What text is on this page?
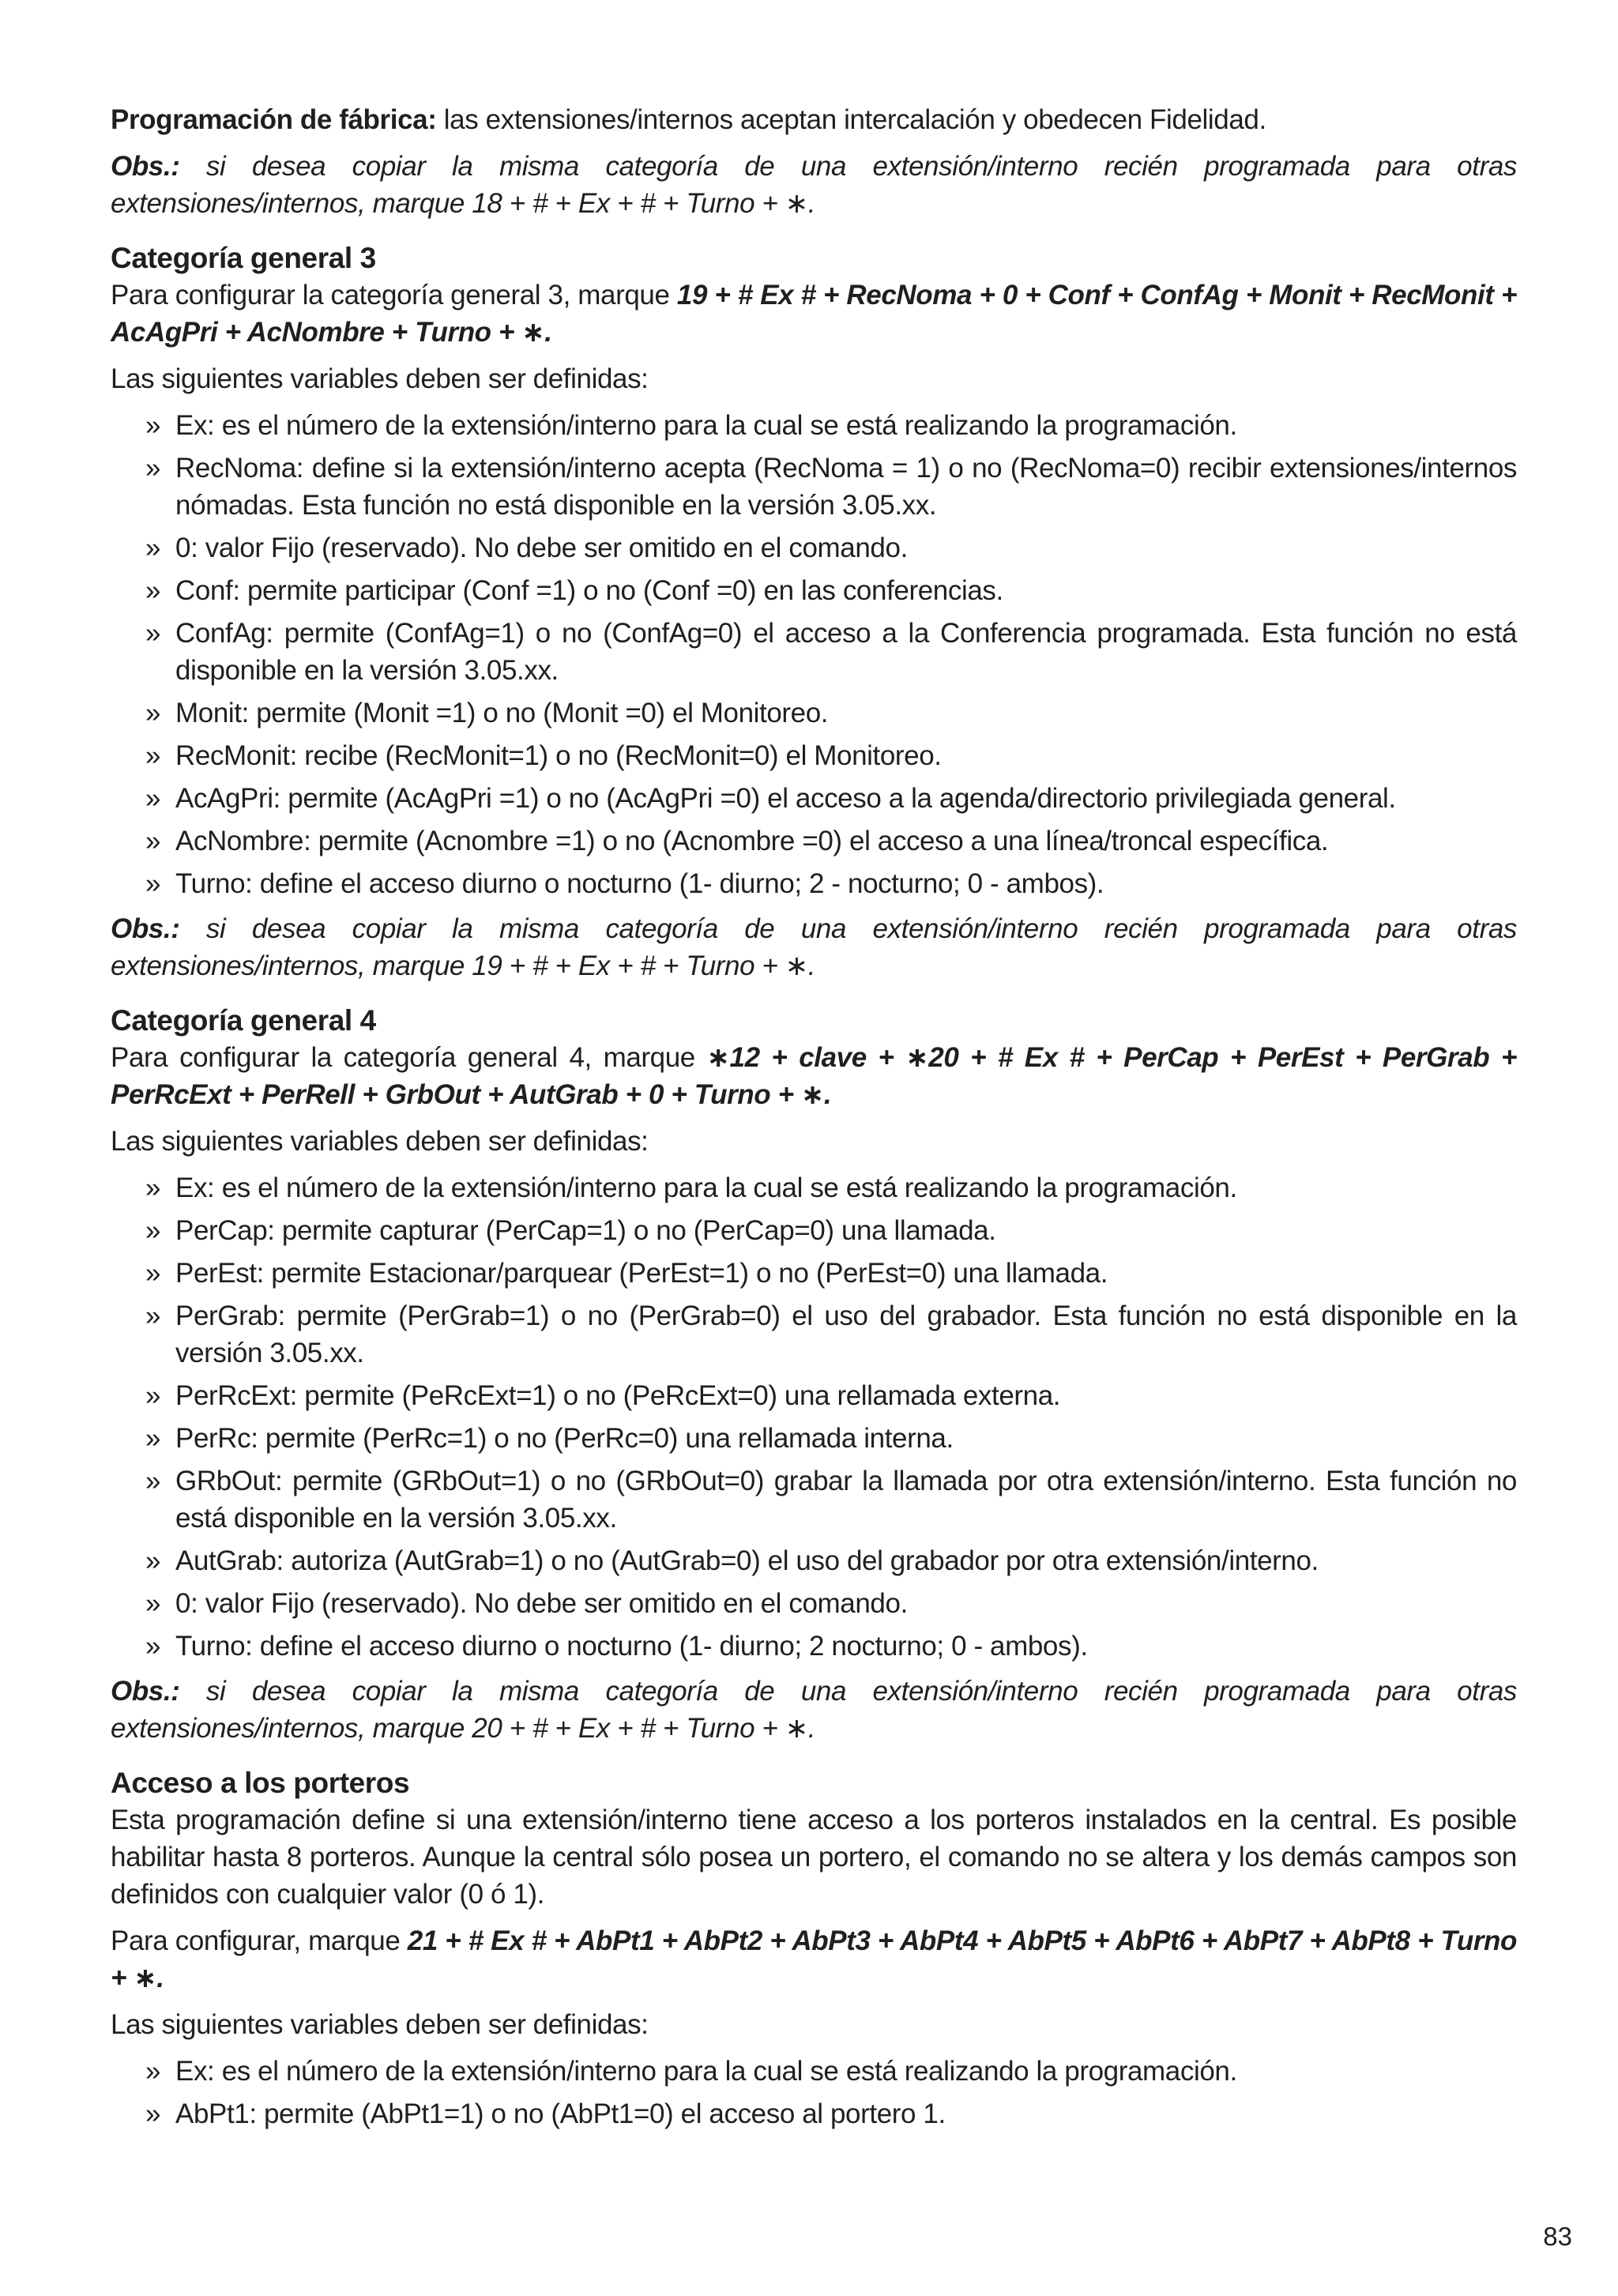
Programación de fábrica: las extensiones/internos aceptan intercalación y obedecen Fidelidad.

Obs.: si desea copiar la misma categoría de una extensión/interno recién programada para otras extensiones/internos, marque 18 + # + Ex + # + Turno + ∗.

Categoría general 3

Para configurar la categoría general 3, marque 19 + # Ex # + RecNoma + 0 + Conf + ConfAg + Monit + RecMonit + AcAgPri + AcNombre + Turno + ∗.

Las siguientes variables deben ser definidas:

» Ex: es el número de la extensión/interno para la cual se está realizando la programación.
» RecNoma: define si la extensión/interno acepta (RecNoma = 1) o no (RecNoma=0) recibir extensiones/internos nómadas. Esta función no está disponible en la versión 3.05.xx.
» 0: valor Fijo (reservado). No debe ser omitido en el comando.
» Conf: permite participar (Conf =1) o no (Conf =0) en las conferencias.
» ConfAg: permite (ConfAg=1) o no (ConfAg=0) el acceso a la Conferencia programada. Esta función no está disponible en la versión 3.05.xx.
» Monit: permite (Monit =1) o no (Monit =0) el Monitoreo.
» RecMonit: recibe (RecMonit=1) o no (RecMonit=0) el Monitoreo.
» AcAgPri: permite (AcAgPri =1) o no (AcAgPri =0) el acceso a la agenda/directorio privilegiada general.
» AcNombre: permite (Acnombre =1) o no (Acnombre =0) el acceso a una línea/troncal específica.
» Turno: define el acceso diurno o nocturno (1- diurno; 2 - nocturno; 0 - ambos).

Obs.: si desea copiar la misma categoría de una extensión/interno recién programada para otras extensiones/internos, marque 19 + # + Ex + # + Turno + ∗.

Categoría general 4

Para configurar la categoría general 4, marque ∗12 + clave + ∗20 + # Ex # + PerCap + PerEst + PerGrab + PerRcExt + PerRell + GrbOut + AutGrab + 0 + Turno + ∗.

Las siguientes variables deben ser definidas:

» Ex: es el número de la extensión/interno para la cual se está realizando la programación.
» PerCap: permite capturar (PerCap=1) o no (PerCap=0) una llamada.
» PerEst: permite Estacionar/parquear (PerEst=1) o no (PerEst=0) una llamada.
» PerGrab: permite (PerGrab=1) o no (PerGrab=0) el uso del grabador. Esta función no está disponible en la versión 3.05.xx.
» PerRcExt: permite (PeRcExt=1) o no (PeRcExt=0) una rellamada externa.
» PerRc: permite (PerRc=1) o no (PerRc=0) una rellamada interna.
» GRbOut: permite (GRbOut=1) o no (GRbOut=0) grabar la llamada por otra extensión/interno. Esta función no está disponible en la versión 3.05.xx.
» AutGrab: autoriza (AutGrab=1) o no (AutGrab=0) el uso del grabador por otra extensión/interno.
» 0: valor Fijo (reservado). No debe ser omitido en el comando.
» Turno: define el acceso diurno o nocturno (1- diurno; 2 nocturno; 0 - ambos).

Obs.: si desea copiar la misma categoría de una extensión/interno recién programada para otras extensiones/internos, marque 20 + # + Ex + # + Turno + ∗.

Acceso a los porteros

Esta programación define si una extensión/interno tiene acceso a los porteros instalados en la central. Es posible habilitar hasta 8 porteros. Aunque la central sólo posea un portero, el comando no se altera y los demás campos son definidos con cualquier valor (0 ó 1).

Para configurar, marque 21 + # Ex # + AbPt1 + AbPt2 + AbPt3 + AbPt4 + AbPt5 + AbPt6 + AbPt7 + AbPt8 + Turno + ∗.

Las siguientes variables deben ser definidas:

» Ex: es el número de la extensión/interno para la cual se está realizando la programación.
» AbPt1: permite (AbPt1=1) o no (AbPt1=0) el acceso al portero 1.
83
